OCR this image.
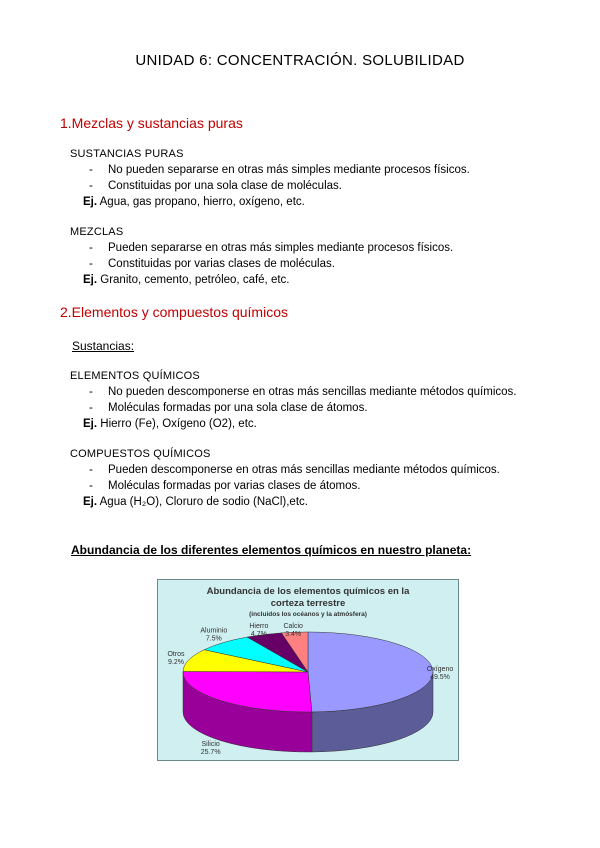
UNIDAD 6: CONCENTRACIÓN. SOLUBILIDAD
1.Mezclas y sustancias puras
SUSTANCIAS PURAS
- No pueden separarse en otras más simples mediante procesos físicos.
- Constituidas por una sola clase de moléculas.
Ej. Agua, gas propano, hierro, oxígeno, etc.
MEZCLAS
- Pueden separarse en otras más simples mediante procesos físicos.
- Constituidas por varias clases de moléculas.
Ej. Granito, cemento, petróleo, café, etc.
2.Elementos y compuestos químicos
Sustancias:
ELEMENTOS QUÍMICOS
- No pueden descomponerse en otras más sencillas mediante métodos químicos.
- Moléculas formadas por una sola clase de átomos.
Ej. Hierro (Fe), Oxígeno (O2), etc.
COMPUESTOS QUÍMICOS
- Pueden descomponerse en otras más sencillas mediante métodos químicos.
- Moléculas formadas por varias clases de átomos.
Ej. Agua (H₂O), Cloruro de sodio (NaCl),etc.
Abundancia de los diferentes elementos químicos en nuestro planeta:
Abundancia de los elementos químicos en la
corteza terrestre
(incluidos los océanos y la atmósfera)
Oxígeno
49.5%
Silicio
25.7%
Otros
9.2%
Aluminio
7.5%
Hierro
4.7%
Calcio
3.4%
